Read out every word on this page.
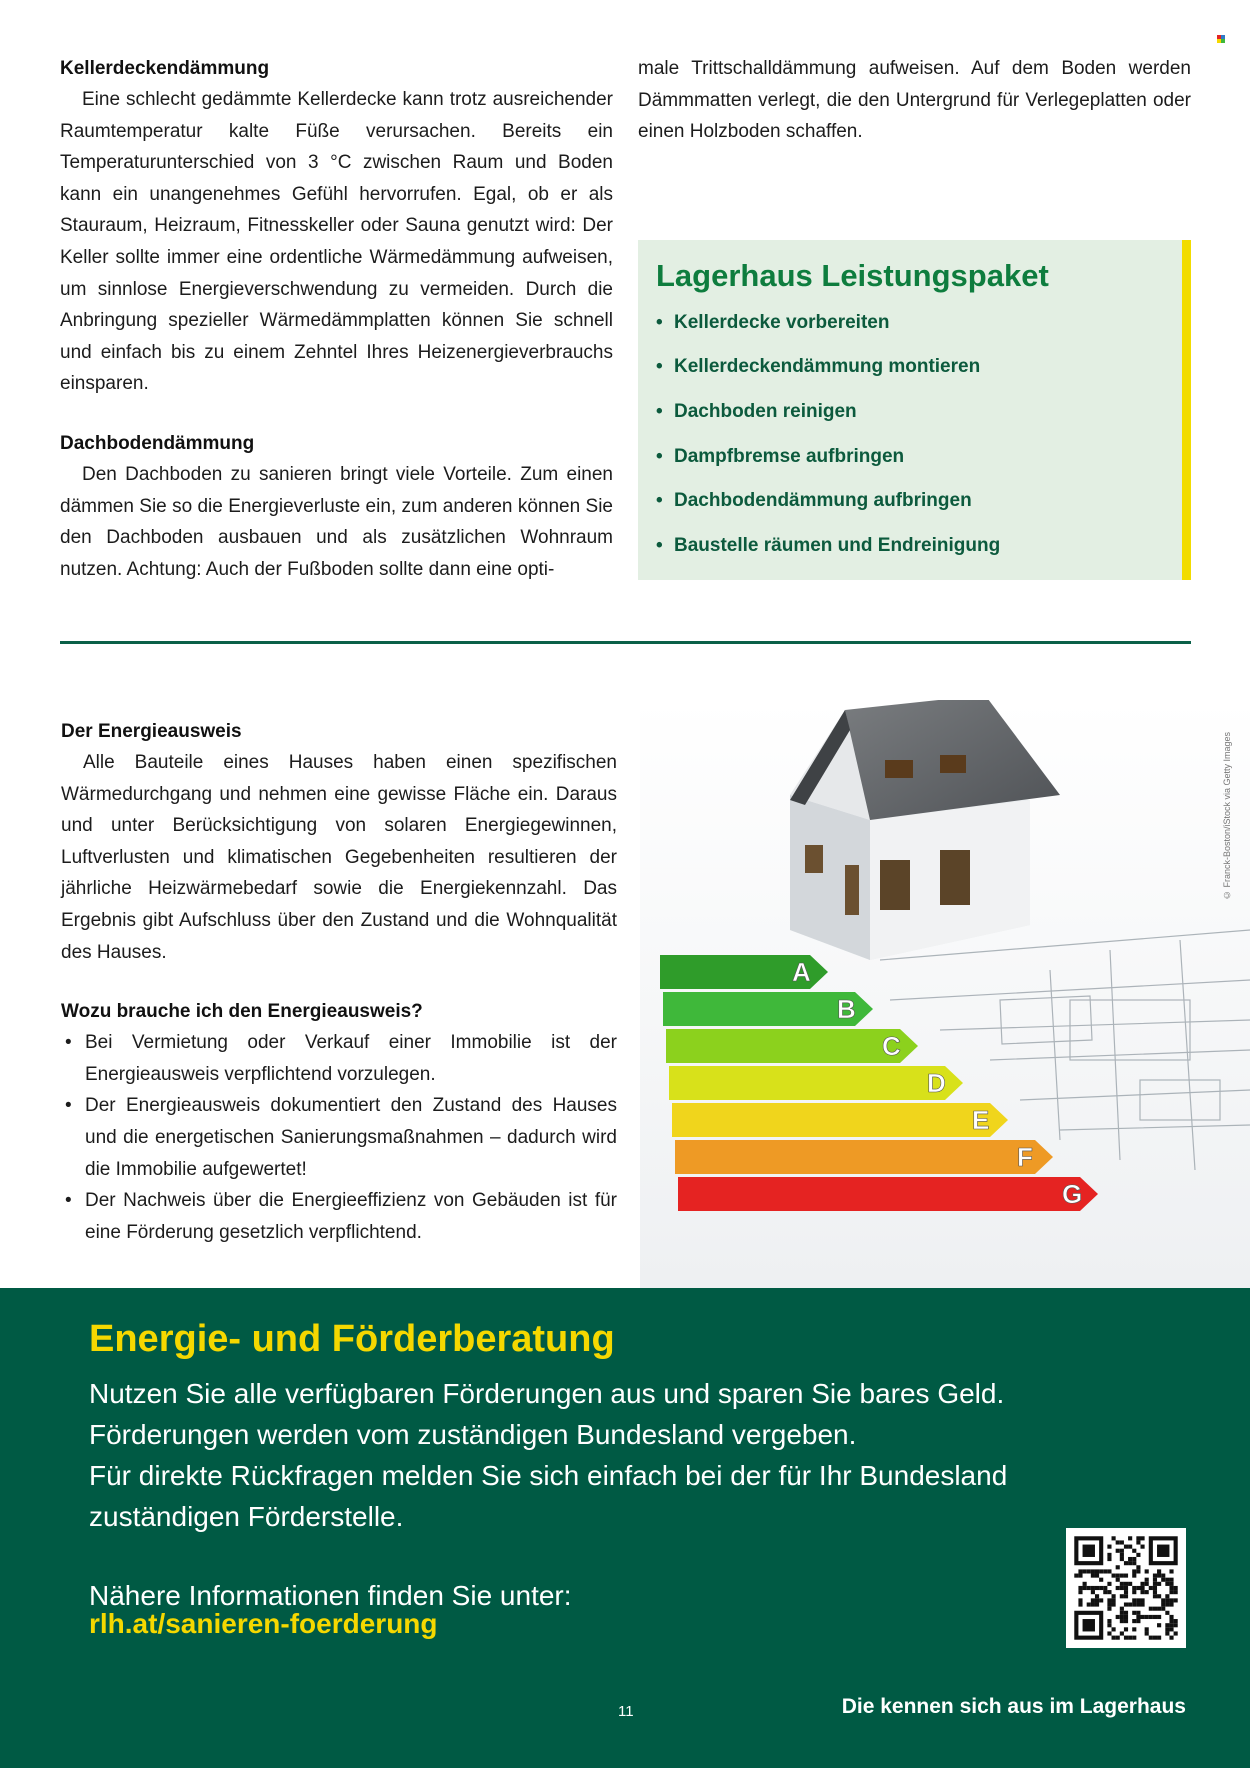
Kellerdeckendämmung

Eine schlecht gedämmte Kellerdecke kann trotz ausreichender Raumtemperatur kalte Füße verursachen. Bereits ein Temperaturunterschied von 3 °C zwischen Raum und Boden kann ein unangenehmes Gefühl hervorrufen. Egal, ob er als Stauraum, Heizraum, Fitnesskeller oder Sauna genutzt wird: Der Keller sollte immer eine ordentliche Wärmedämmung aufweisen, um sinnlose Energieverschwendung zu vermeiden. Durch die Anbringung spezieller Wärmedämmplatten können Sie schnell und einfach bis zu einem Zehntel Ihres Heizenergieverbrauchs einsparen.

Dachbodendämmung

Den Dachboden zu sanieren bringt viele Vorteile. Zum einen dämmen Sie so die Energieverluste ein, zum anderen können Sie den Dachboden ausbauen und als zusätzlichen Wohnraum nutzen. Achtung: Auch der Fußboden sollte dann eine opti-

male Trittschalldämmung aufweisen. Auf dem Boden werden Dämmmatten verlegt, die den Untergrund für Verlegeplatten oder einen Holzboden schaffen.

Lagerhaus Leistungspaket
• Kellerdecke vorbereiten
• Kellerdeckendämmung montieren
• Dachboden reinigen
• Dampfbremse aufbringen
• Dachbodendämmung aufbringen
• Baustelle räumen und Endreinigung

Der Energieausweis

Alle Bauteile eines Hauses haben einen spezifischen Wärmedurchgang und nehmen eine gewisse Fläche ein. Daraus und unter Berücksichtigung von solaren Energiegewinnen, Luftverlusten und klimatischen Gegebenheiten resultieren der jährliche Heizwärmebedarf sowie die Energiekennzahl. Das Ergebnis gibt Aufschluss über den Zustand und die Wohnqualität des Hauses.

Wozu brauche ich den Energieausweis?

• Bei Vermietung oder Verkauf einer Immobilie ist der Energieausweis verpflichtend vorzulegen.

• Der Energieausweis dokumentiert den Zustand des Hauses und die energetischen Sanierungsmaßnahmen – dadurch wird die Immobilie aufgewertet!

• Der Nachweis über die Energieeffizienz von Gebäuden ist für eine Förderung gesetzlich verpflichtend.

A
B
C
D
E
F
G
© Franck-Boston/iStock via Getty Images
Energie- und Förderberatung
Nutzen Sie alle verfügbaren Förderungen aus und sparen Sie bares Geld.
Förderungen werden vom zuständigen Bundesland vergeben.
Für direkte Rückfragen melden Sie sich einfach bei der für Ihr Bundesland
zuständigen Förderstelle.
Nähere Informationen finden Sie unter:
rlh.at/sanieren-foerderung
11	Die kennen sich aus im Lagerhaus
